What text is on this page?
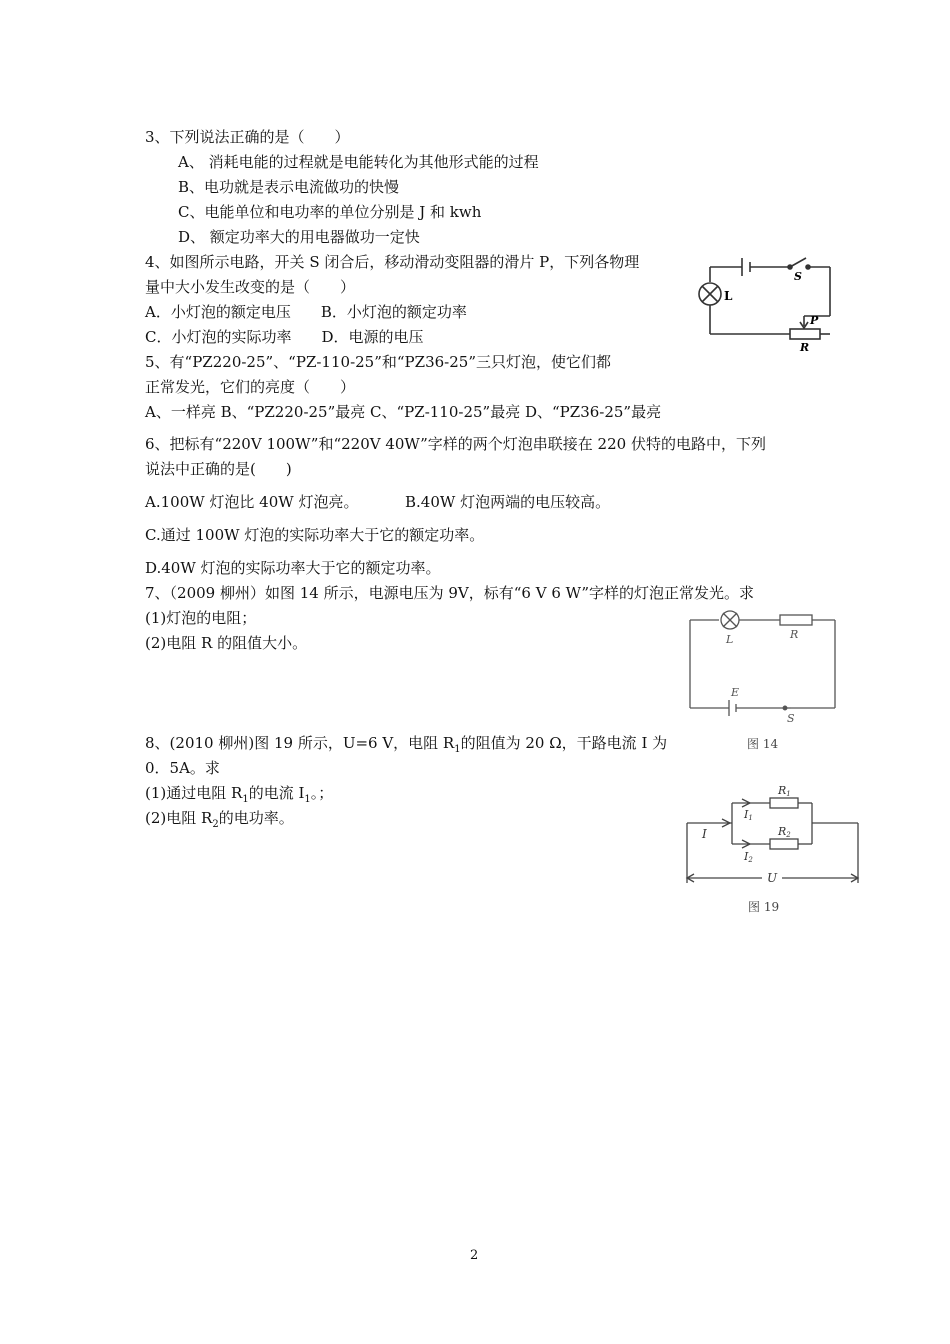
3、下列说法正确的是（　　）
A、 消耗电能的过程就是电能转化为其他形式能的过程
B、电功就是表示电流做功的快慢
C、电能单位和电功率的单位分别是 J 和 kwh
D、 额定功率大的用电器做功一定快
4、如图所示电路，开关 S 闭合后，移动滑动变阻器的滑片 P，下列各物理
量中大小发生改变的是（　　）
A．小灯泡的额定电压　　B．小灯泡的额定功率
C．小灯泡的实际功率　　D．电源的电压
L
S
P
R
5、有“PZ220-25”、“PZ-110-25”和“PZ36-25”三只灯泡，使它们都
正常发光，它们的亮度（　　）
A、一样亮 B、“PZ220-25”最亮 C、“PZ-110-25”最亮 D、“PZ36-25”最亮
6、把标有“220V 100W”和“220V 40W”字样的两个灯泡串联接在 220 伏特的电路中，下列
说法中正确的是(　　)
A.100W 灯泡比 40W 灯泡亮。	B.40W 灯泡两端的电压较高。
C.通过 100W 灯泡的实际功率大于它的额定功率。
D.40W 灯泡的实际功率大于它的额定功率。
7、（2009 柳州）如图 14 所示，电源电压为 9V，标有“6 V 6 W”字样的灯泡正常发光。求
(1)灯泡的电阻；
(2)电阻 R 的阻值大小。	L	R
E
S
图 14
8、(2010 柳州)图 19 所示，U=6 V，电阻 $R_1$的阻值为 20 Ω，干路电流 I 为
0．5A。求
(1)通过电阻 $R_1$的电流 $I_1$。；
(2)电阻 $R_2$的电功率。
R1
R2
I
I1
I2
U
图 19
2
